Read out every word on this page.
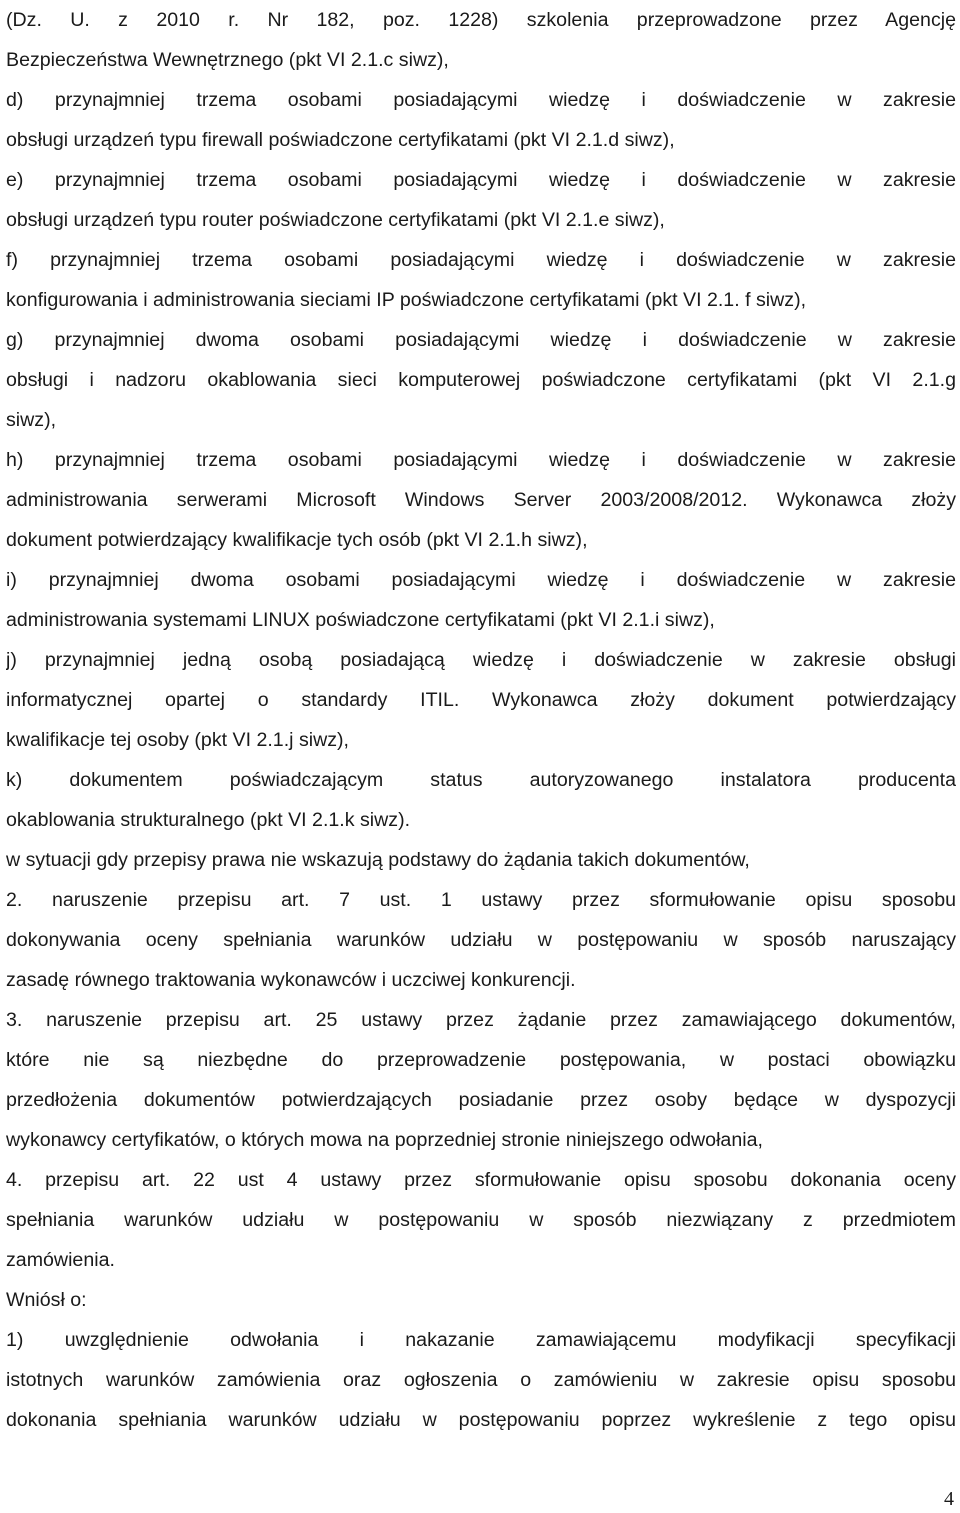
(Dz. U. z 2010 r. Nr 182, poz. 1228) szkolenia przeprowadzone przez Agencję
Bezpieczeństwa Wewnętrznego (pkt VI 2.1.c siwz),
d) przynajmniej trzema osobami posiadającymi wiedzę i doświadczenie w zakresie
obsługi urządzeń typu firewall poświadczone certyfikatami (pkt VI 2.1.d siwz),
e) przynajmniej trzema osobami posiadającymi wiedzę i doświadczenie w zakresie
obsługi urządzeń typu router poświadczone certyfikatami (pkt VI 2.1.e siwz),
f) przynajmniej trzema osobami posiadającymi wiedzę i doświadczenie w zakresie
konfigurowania i administrowania sieciami IP poświadczone certyfikatami (pkt VI 2.1. f siwz),
g) przynajmniej dwoma osobami posiadającymi wiedzę i doświadczenie w zakresie
obsługi i nadzoru okablowania sieci komputerowej poświadczone certyfikatami (pkt VI 2.1.g
siwz),
h) przynajmniej trzema osobami posiadającymi wiedzę i doświadczenie w zakresie
administrowania serwerami Microsoft Windows Server 2003/2008/2012. Wykonawca złoży
dokument potwierdzający kwalifikacje tych osób (pkt VI 2.1.h siwz),
i) przynajmniej dwoma osobami posiadającymi wiedzę i doświadczenie w zakresie
administrowania systemami LINUX poświadczone certyfikatami (pkt VI 2.1.i siwz),
j) przynajmniej jedną osobą posiadającą wiedzę i doświadczenie w zakresie obsługi
informatycznej opartej o standardy ITIL. Wykonawca złoży dokument potwierdzający
kwalifikacje tej osoby (pkt VI 2.1.j siwz),
k) dokumentem poświadczającym status autoryzowanego instalatora producenta
okablowania strukturalnego (pkt VI 2.1.k siwz).
w sytuacji gdy przepisy prawa nie wskazują podstawy do żądania takich dokumentów,
2. naruszenie przepisu art. 7 ust. 1 ustawy przez sformułowanie opisu sposobu
dokonywania oceny spełniania warunków udziału w postępowaniu w sposób naruszający
zasadę równego traktowania wykonawców i uczciwej konkurencji.
3. naruszenie przepisu art. 25 ustawy przez żądanie przez zamawiającego dokumentów,
które nie są niezbędne do przeprowadzenie postępowania, w postaci obowiązku
przedłożenia dokumentów potwierdzających posiadanie przez osoby będące w dyspozycji
wykonawcy certyfikatów, o których mowa na poprzedniej stronie niniejszego odwołania,
4. przepisu art. 22 ust 4 ustawy przez sformułowanie opisu sposobu dokonania oceny
spełniania warunków udziału w postępowaniu w sposób niezwiązany z przedmiotem
zamówienia.
Wniósł o:
1) uwzględnienie odwołania i nakazanie zamawiającemu modyfikacji specyfikacji
istotnych warunków zamówienia oraz ogłoszenia o zamówieniu w zakresie opisu sposobu
dokonania spełniania warunków udziału w postępowaniu poprzez wykreślenie z tego opisu
4
